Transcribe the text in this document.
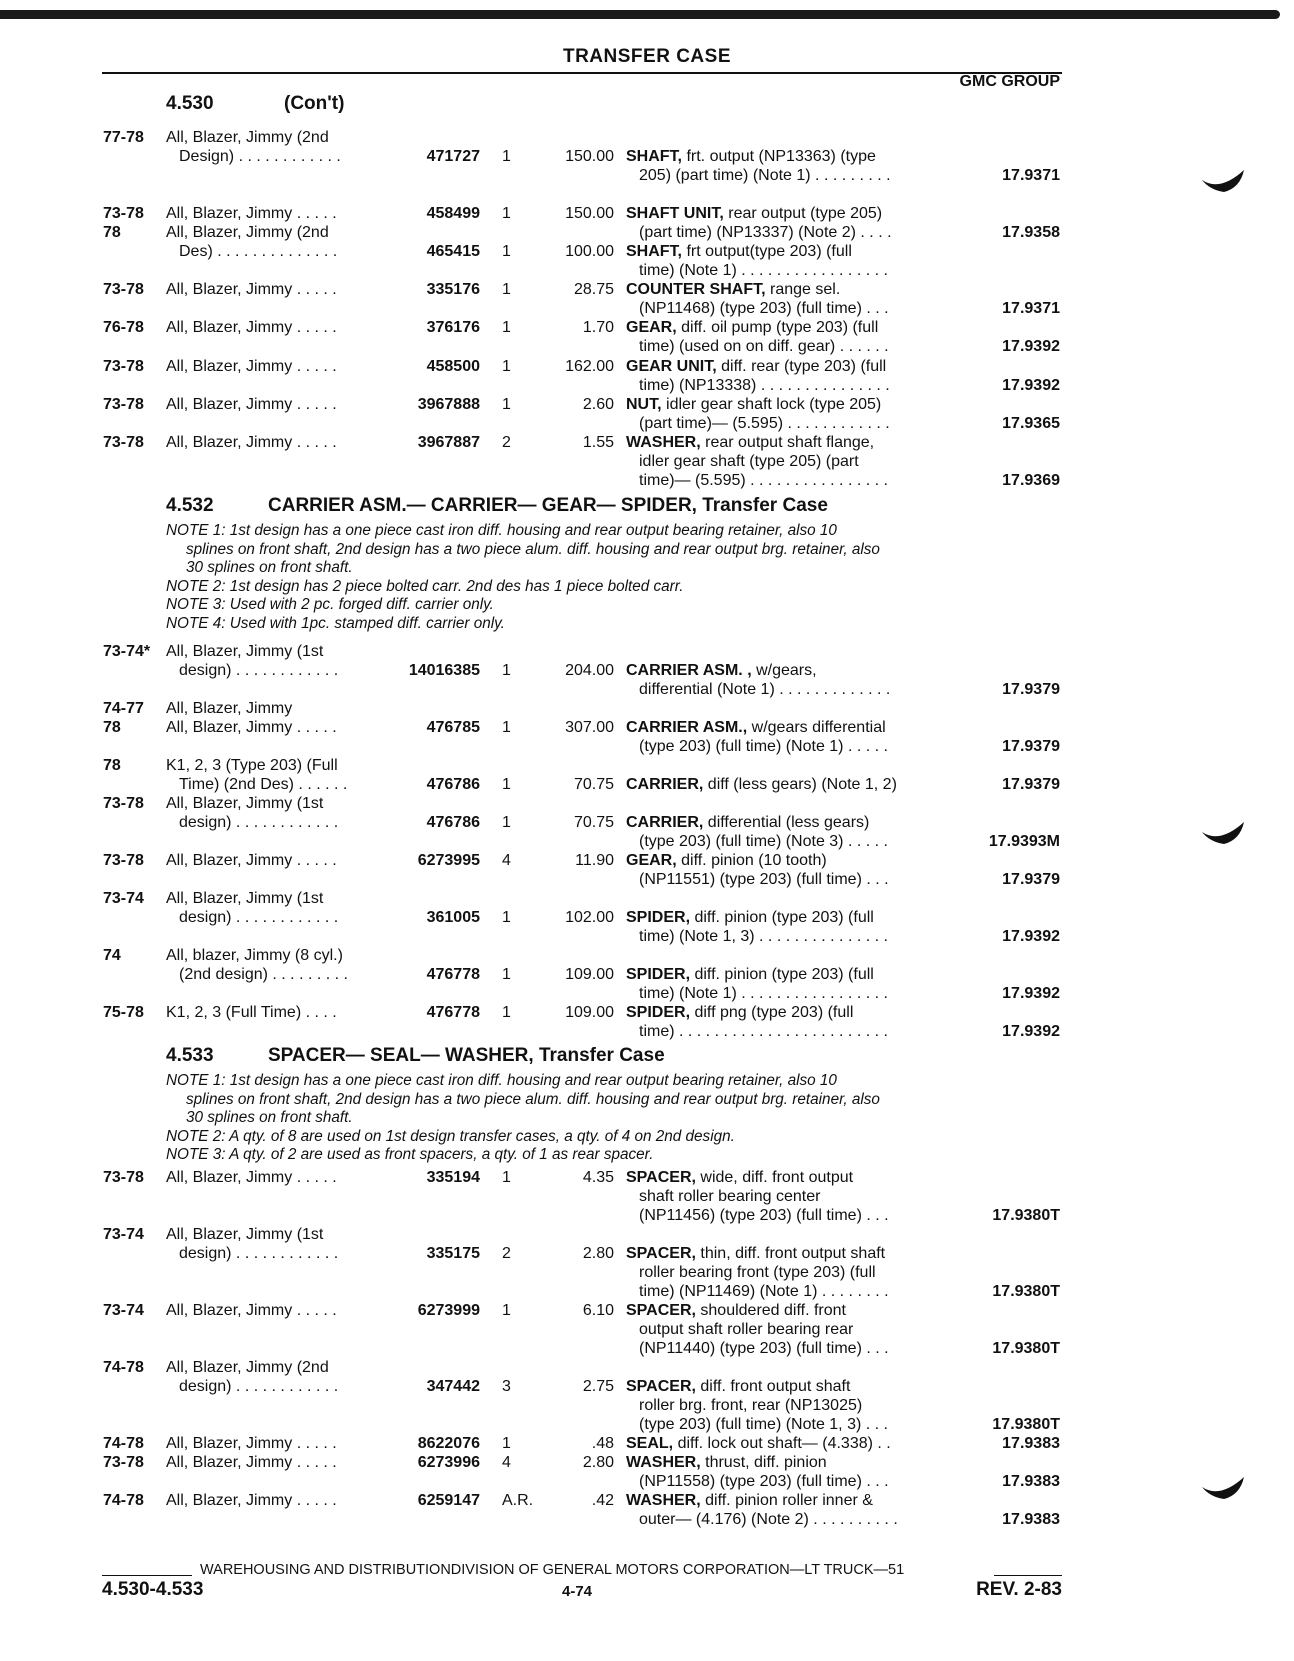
TRANSFER CASE
GMC GROUP
4.530	(Con't)
77-78 All, Blazer, Jimmy (2nd
Design) . . . . . . . . . . . .	471727 1	150.00 SHAFT, frt. output (NP13363) (type
205) (part time) (Note 1) . . . . . . . . .	17.9371
73-78 All, Blazer, Jimmy . . . . .	458499 1	150.00 SHAFT UNIT, rear output (type 205)
(part time) (NP13337) (Note 2) . . . .	17.9358
78	All, Blazer, Jimmy (2nd
Des) . . . . . . . . . . . . . .	465415 1	100.00 SHAFT, frt output(type 203) (full
time) (Note 1) . . . . . . . . . . . . . . . . .
73-78 All, Blazer, Jimmy . . . . .	335176 1	28.75 COUNTER SHAFT, range sel.
(NP11468) (type 203) (full time) . . .	17.9371
76-78 All, Blazer, Jimmy . . . . .	376176 1	1.70 GEAR, diff. oil pump (type 203) (full
time) (used on on diff. gear) . . . . . .	17.9392
73-78 All, Blazer, Jimmy . . . . .	458500 1	162.00 GEAR UNIT, diff. rear (type 203) (full
time) (NP13338) . . . . . . . . . . . . . . .	17.9392
73-78 All, Blazer, Jimmy . . . . .	3967888 1	2.60 NUT, idler gear shaft lock (type 205)
(part time)— (5.595) . . . . . . . . . . . .	17.9365
73-78 All, Blazer, Jimmy . . . . .	3967887 2	1.55 WASHER, rear output shaft flange,
idler gear shaft (type 205) (part
time)— (5.595) . . . . . . . . . . . . . . . .	17.9369
4.532	CARRIER ASM.— CARRIER— GEAR— SPIDER, Transfer Case
NOTE 1: 1st design has a one piece cast iron diff. housing and rear output bearing retainer, also 10
splines on front shaft, 2nd design has a two piece alum. diff. housing and rear output brg. retainer, also
30 splines on front shaft.
NOTE 2: 1st design has 2 piece bolted carr. 2nd des has 1 piece bolted carr.
NOTE 3: Used with 2 pc. forged diff. carrier only.
NOTE 4: Used with 1pc. stamped diff. carrier only.
73-74* All, Blazer, Jimmy (1st
design) . . . . . . . . . . . .	14016385 1	204.00 CARRIER ASM. , w/gears,
differential (Note 1) . . . . . . . . . . . . .	17.9379
74-77 All, Blazer, Jimmy
78	All, Blazer, Jimmy . . . . .	476785 1	307.00 CARRIER ASM., w/gears differential
(type 203) (full time) (Note 1) . . . . .	17.9379
78	K1, 2, 3 (Type 203) (Full
Time) (2nd Des) . . . . . .	476786 1	70.75 CARRIER, diff (less gears) (Note 1, 2)	17.9379
73-78 All, Blazer, Jimmy (1st
design) . . . . . . . . . . . .	476786 1	70.75 CARRIER, differential (less gears)
(type 203) (full time) (Note 3) . . . . .	17.9393M
73-78 All, Blazer, Jimmy . . . . .	6273995 4	11.90 GEAR, diff. pinion (10 tooth)
(NP11551) (type 203) (full time) . . .	17.9379
73-74 All, Blazer, Jimmy (1st
design) . . . . . . . . . . . .	361005 1	102.00 SPIDER, diff. pinion (type 203) (full
time) (Note 1, 3) . . . . . . . . . . . . . . .	17.9392
74	All, blazer, Jimmy (8 cyl.)
(2nd design) . . . . . . . . .	476778 1	109.00 SPIDER, diff. pinion (type 203) (full
time) (Note 1) . . . . . . . . . . . . . . . . .	17.9392
75-78 K1, 2, 3 (Full Time) . . . .	476778 1	109.00 SPIDER, diff png (type 203) (full
time) . . . . . . . . . . . . . . . . . . . . . . . .	17.9392
4.533	SPACER— SEAL— WASHER, Transfer Case
NOTE 1: 1st design has a one piece cast iron diff. housing and rear output bearing retainer, also 10
splines on front shaft, 2nd design has a two piece alum. diff. housing and rear output brg. retainer, also
30 splines on front shaft.
NOTE 2: A qty. of 8 are used on 1st design transfer cases, a qty. of 4 on 2nd design.
NOTE 3: A qty. of 2 are used as front spacers, a qty. of 1 as rear spacer.
73-78 All, Blazer, Jimmy . . . . .	335194 1	4.35 SPACER, wide, diff. front output
shaft roller bearing center
(NP11456) (type 203) (full time) . . .	17.9380T
73-74 All, Blazer, Jimmy (1st
design) . . . . . . . . . . . .	335175 2	2.80 SPACER, thin, diff. front output shaft
roller bearing front (type 203) (full
time) (NP11469) (Note 1) . . . . . . . .	17.9380T
73-74 All, Blazer, Jimmy . . . . .	6273999 1	6.10 SPACER, shouldered diff. front
output shaft roller bearing rear
(NP11440) (type 203) (full time) . . .	17.9380T
74-78 All, Blazer, Jimmy (2nd
design) . . . . . . . . . . . .	347442 3	2.75 SPACER, diff. front output shaft
roller brg. front, rear (NP13025)
(type 203) (full time) (Note 1, 3) . . .	17.9380T
74-78 All, Blazer, Jimmy . . . . .	8622076 1	.48 SEAL, diff. lock out shaft— (4.338) . .	17.9383
73-78 All, Blazer, Jimmy . . . . .	6273996 4	2.80 WASHER, thrust, diff. pinion
(NP11558) (type 203) (full time) . . .	17.9383
74-78 All, Blazer, Jimmy . . . . .	6259147 A.R.	.42 WASHER, diff. pinion roller inner &
outer— (4.176) (Note 2) . . . . . . . . . .	17.9383
WAREHOUSING AND DISTRIBUTIONDIVISION OF GENERAL MOTORS CORPORATION—LT TRUCK—51
4.530-4.533	4-74	REV. 2-83
